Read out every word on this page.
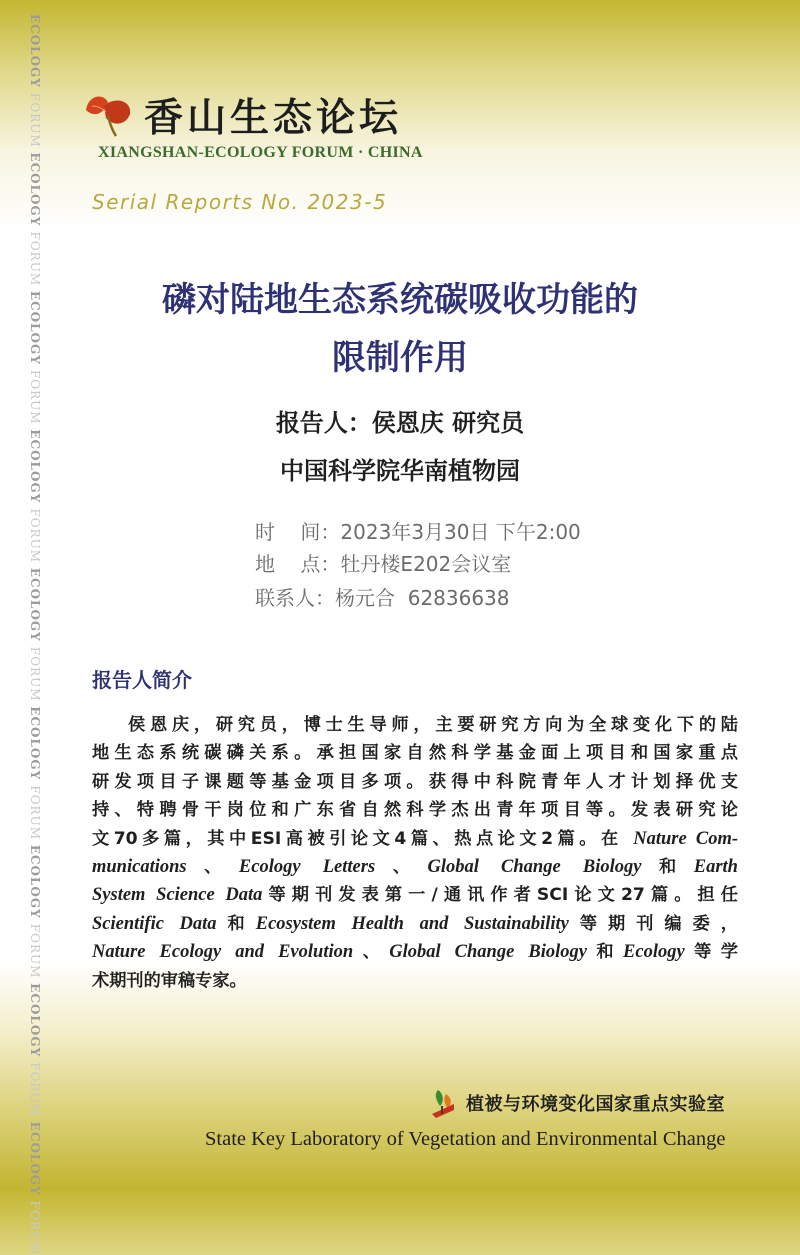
ECOLOGY FORUM ECOLOGY FORUM ECOLOGY FORUM ECOLOGY FORUM ECOLOGY FORUM ECOLOGY FORUM ECOLOGY FORUM ECOLOGY FORUM ECOLOGY FORUM
香山生态论坛
XIANGSHAN-ECOLOGY FORUM · CHINA
Serial Reports No. 2023-5
磷对陆地生态系统碳吸收功能的
限制作用
报告人：侯恩庆 研究员
中国科学院华南植物园
时    间：2023年3月30日 下午2:00
地    点：牡丹楼E202会议室
联系人：杨元合  62836638
报告人简介
侯恩庆，研究员，博士生导师，主要研究方向为全球变化下的陆
地生态系统碳磷关系。承担国家自然科学基金面上项目和国家重点
研发项目子课题等基金项目多项。获得中科院青年人才计划择优支
持、特聘骨干岗位和广东省自然科学杰出青年项目等。发表研究论
文70多篇，其中ESI高被引论文4篇、热点论文2篇。在 Nature Com-
munications、Ecology Letters、Global Change Biology和Earth
System Science Data等期刊发表第一/通讯作者SCI论文27篇。担任
Scientific Data和Ecosystem Health and Sustainability等期刊编委，
Nature Ecology and Evolution、Global Change Biology和Ecology等学
术期刊的审稿专家。
植被与环境变化国家重点实验室
State Key Laboratory of Vegetation and Environmental Change
